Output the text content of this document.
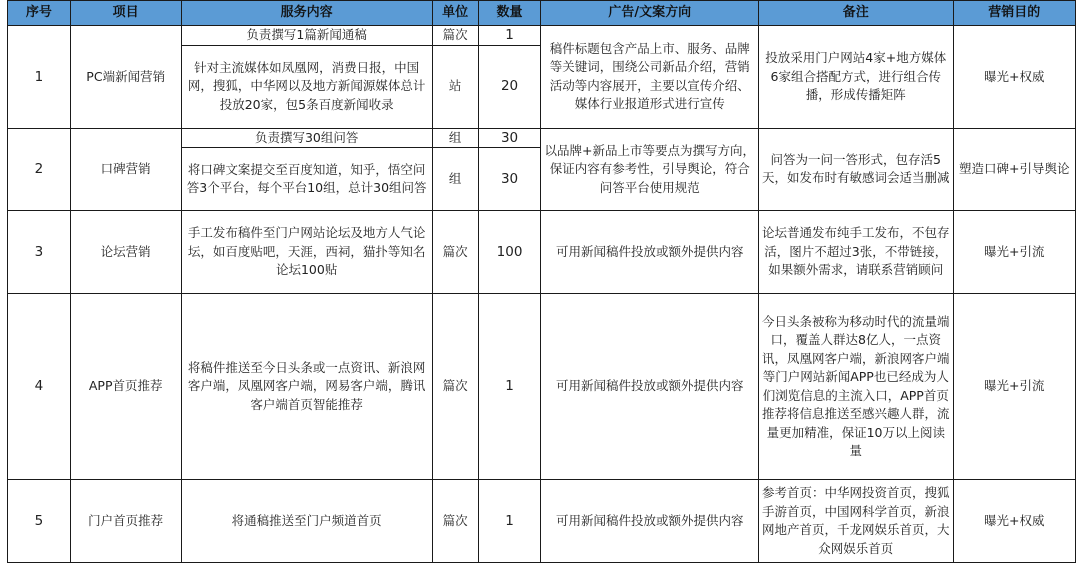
序号	项目	服务内容	单位	数量	广告/文案方向	备注	营销目的
1	PC端新闻营销	负责撰写1篇新闻通稿	篇次	1	稿件标题包含产品上市、服务、品牌等关键词，围绕公司新品介绍，营销活动等内容展开，主要以宣传介绍、媒体行业报道形式进行宣传	投放采用门户网站4家+地方媒体6家组合搭配方式，进行组合传播，形成传播矩阵	曝光+权威
		针对主流媒体如凤凰网，消费日报，中国网，搜狐，中华网以及地方新闻源媒体总计投放20家，包5条百度新闻收录	站	20			
2	口碑营销	负责撰写30组问答	组	30	以品牌+新品上市等要点为撰写方向，保证内容有参考性，引导舆论，符合问答平台使用规范	问答为一问一答形式，包存活5天，如发布时有敏感词会适当删减	塑造口碑+引导舆论
		将口碑文案提交至百度知道，知乎，悟空问答3个平台，每个平台10组，总计30组问答	组	30			
3	论坛营销	手工发布稿件至门户网站论坛及地方人气论坛，如百度贴吧，天涯，西祠，猫扑等知名论坛100贴	篇次	100	可用新闻稿件投放或额外提供内容	论坛普通发布纯手工发布，不包存活，图片不超过3张，不带链接，如果额外需求，请联系营销顾问	曝光+引流
4	APP首页推荐	将稿件推送至今日头条或一点资讯、新浪网客户端，凤凰网客户端，网易客户端，腾讯客户端首页智能推荐	篇次	1	可用新闻稿件投放或额外提供内容	今日头条被称为移动时代的流量端口，覆盖人群达8亿人，一点资讯，凤凰网客户端，新浪网客户端等门户网站新闻APP也已经成为人们浏览信息的主流入口，APP首页推荐将信息推送至感兴趣人群，流量更加精准，保证10万以上阅读量	曝光+引流
5	门户首页推荐	将通稿推送至门户频道首页	篇次	1	可用新闻稿件投放或额外提供内容	参考首页：中华网投资首页，搜狐手游首页，中国网科学首页，新浪网地产首页，千龙网娱乐首页，大众网娱乐首页	曝光+权威
